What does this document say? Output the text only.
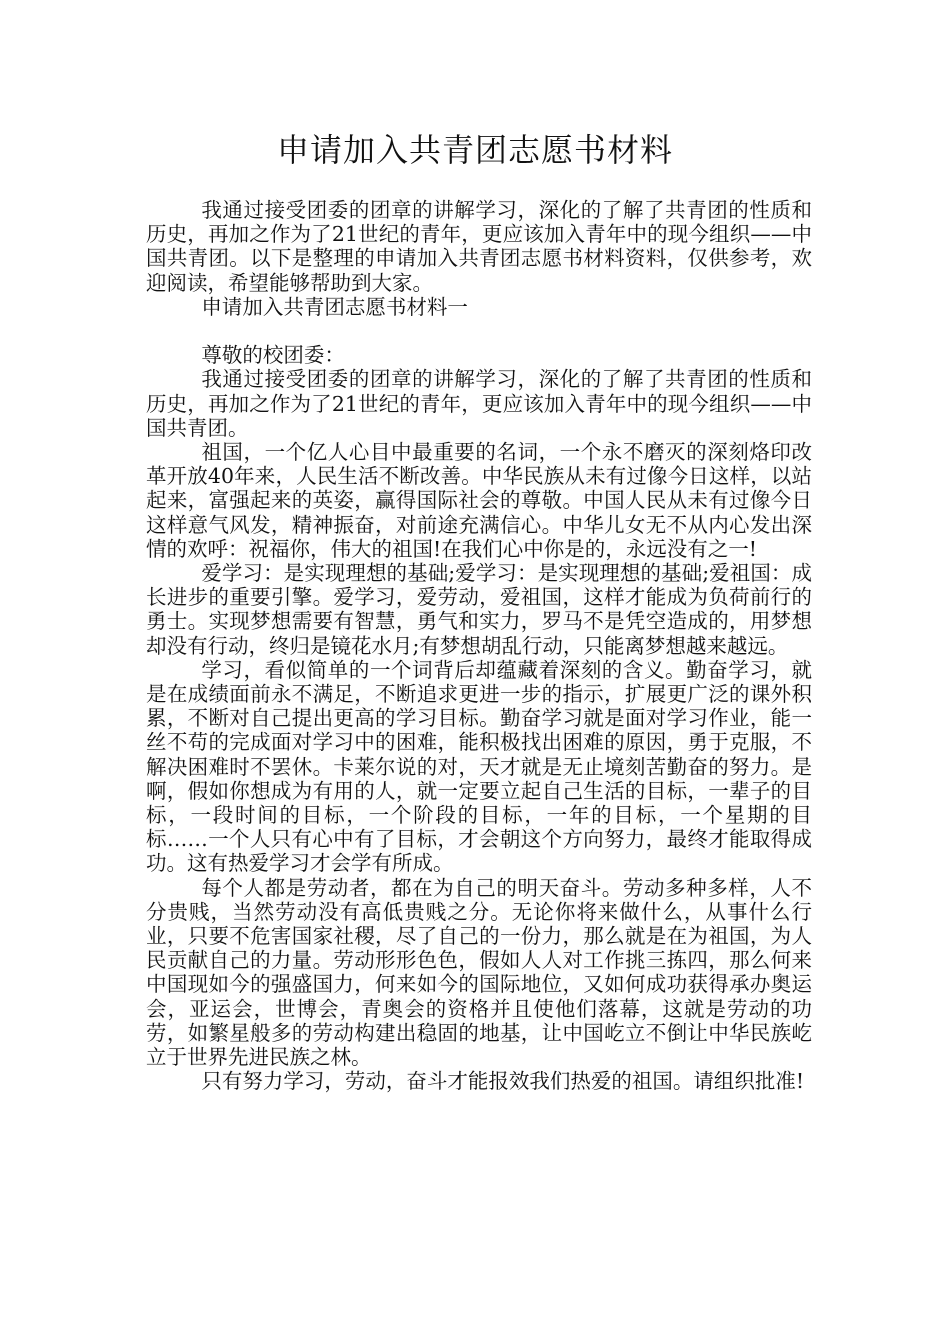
申请加入共青团志愿书材料

我通过接受团委的团章的讲解学习，深化的了解了共青团的性质和历史，再加之作为了21世纪的青年，更应该加入青年中的现今组织——中国共青团。以下是整理的申请加入共青团志愿书材料资料，仅供参考，欢迎阅读，希望能够帮助到大家。

申请加入共青团志愿书材料一

尊敬的校团委：

我通过接受团委的团章的讲解学习，深化的了解了共青团的性质和历史，再加之作为了21世纪的青年，更应该加入青年中的现今组织——中国共青团。

祖国，一个亿人心目中最重要的名词，一个永不磨灭的深刻烙印改革开放40年来，人民生活不断改善。中华民族从未有过像今日这样，以站起来，富强起来的英姿，赢得国际社会的尊敬。中国人民从未有过像今日这样意气风发，精神振奋，对前途充满信心。中华儿女无不从内心发出深情的欢呼：祝福你，伟大的祖国!在我们心中你是的，永远没有之一!

爱学习：是实现理想的基础;爱学习：是实现理想的基础;爱祖国：成长进步的重要引擎。爱学习，爱劳动，爱祖国，这样才能成为负荷前行的勇士。实现梦想需要有智慧，勇气和实力，罗马不是凭空造成的，用梦想却没有行动，终归是镜花水月;有梦想胡乱行动，只能离梦想越来越远。

学习，看似简单的一个词背后却蕴藏着深刻的含义。勤奋学习，就是在成绩面前永不满足，不断追求更进一步的指示，扩展更广泛的课外积累，不断对自己提出更高的学习目标。勤奋学习就是面对学习作业，能一丝不苟的完成面对学习中的困难，能积极找出困难的原因，勇于克服，不解决困难时不罢休。卡莱尔说的对，天才就是无止境刻苦勤奋的努力。是啊，假如你想成为有用的人，就一定要立起自己生活的目标，一辈子的目标，一段时间的目标，一个阶段的目标，一年的目标，一个星期的目标……一个人只有心中有了目标，才会朝这个方向努力，最终才能取得成功。这有热爱学习才会学有所成。

每个人都是劳动者，都在为自己的明天奋斗。劳动多种多样，人不分贵贱，当然劳动没有高低贵贱之分。无论你将来做什么，从事什么行业，只要不危害国家社稷，尽了自己的一份力，那么就是在为祖国，为人民贡献自己的力量。劳动形形色色，假如人人对工作挑三拣四，那么何来中国现如今的强盛国力，何来如今的国际地位，又如何成功获得承办奥运会，亚运会，世博会，青奥会的资格并且使他们落幕，这就是劳动的功劳，如繁星般多的劳动构建出稳固的地基，让中国屹立不倒让中华民族屹立于世界先进民族之林。

只有努力学习，劳动，奋斗才能报效我们热爱的祖国。请组织批准!
